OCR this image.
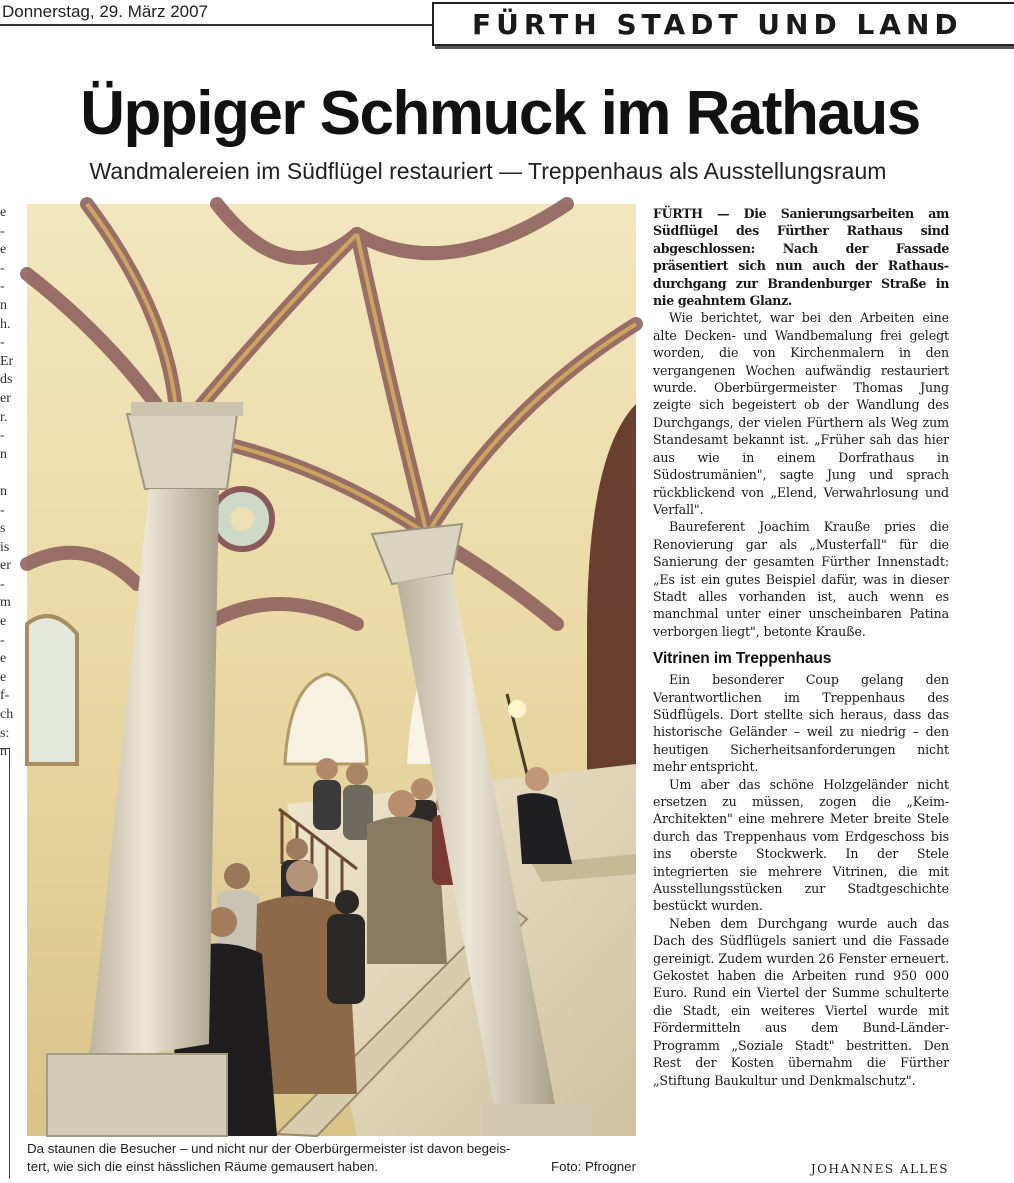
Donnerstag, 29. März 2007	FÜRTH STADT UND LAND
Üppiger Schmuck im Rathaus

Wandmalereien im Südflügel restauriert — Treppenhaus als Ausstellungsraum

e
-
e
-
-
n
h.
-
Er
ds
er
r.
-
n
n
-
s
is
er
-
m
e
-
e
e
f-
ch
s:
n
Da staunen die Besucher – und nicht nur der Oberbürgermeister ist davon begeis-
tert, wie sich die einst hässlichen Räume gemausert haben.	Foto: Pfrogner

FÜRTH — Die Sanierungsarbeiten am Südflügel des Fürther Rathaus sind abgeschlossen: Nach der Fassade präsentiert sich nun auch der Rathausdurchgang zur Brandenburger Straße in nie geahntem Glanz.

Wie berichtet, war bei den Arbeiten eine alte Decken- und Wandbemalung frei gelegt worden, die von Kirchenmalern in den vergangenen Wochen aufwändig restauriert wurde. Oberbürgermeister Thomas Jung zeigte sich begeistert ob der Wandlung des Durchgangs, der vielen Fürthern als Weg zum Standesamt bekannt ist. „Früher sah das hier aus wie in einem Dorfrathaus in Südostrumänien", sagte Jung und sprach rückblickend von „Elend, Verwahrlosung und Verfall".

Baureferent Joachim Krauße pries die Renovierung gar als „Musterfall" für die Sanierung der gesamten Fürther Innenstadt: „Es ist ein gutes Beispiel dafür, was in dieser Stadt alles vorhanden ist, auch wenn es manchmal unter einer unscheinbaren Patina verborgen liegt", betonte Krauße.

Vitrinen im Treppenhaus

Ein besonderer Coup gelang den Verantwortlichen im Treppenhaus des Südflügels. Dort stellte sich heraus, dass das historische Geländer – weil zu niedrig – den heutigen Sicherheitsanforderungen nicht mehr entspricht.

Um aber das schöne Holzgeländer nicht ersetzen zu müssen, zogen die „Keim-Architekten" eine mehrere Meter breite Stele durch das Treppenhaus vom Erdgeschoss bis ins oberste Stockwerk. In der Stele integrierten sie mehrere Vitrinen, die mit Ausstellungsstücken zur Stadtgeschichte bestückt wurden.

Neben dem Durchgang wurde auch das Dach des Südflügels saniert und die Fassade gereinigt. Zudem wurden 26 Fenster erneuert. Gekostet haben die Arbeiten rund 950 000 Euro. Rund ein Viertel der Summe schulterte die Stadt, ein weiteres Viertel wurde mit Fördermitteln aus dem Bund-Länder-Programm „Soziale Stadt" bestritten. Den Rest der Kosten übernahm die Fürther „Stiftung Baukultur und Denkmalschutz".

JOHANNES ALLES
